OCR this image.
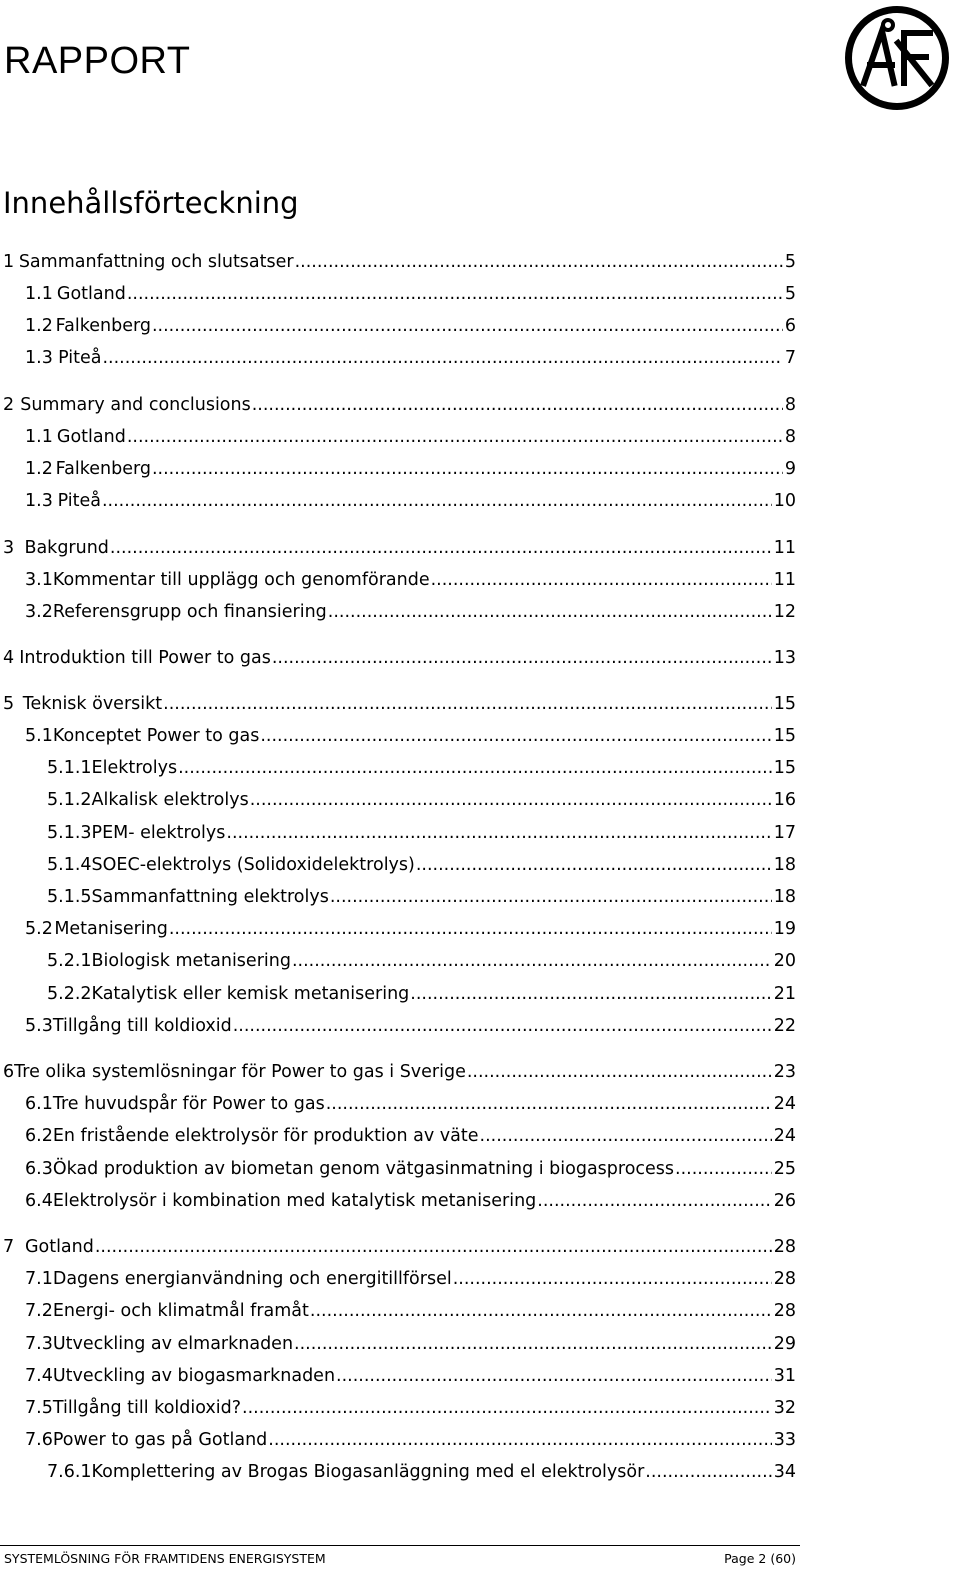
RAPPORT
Innehållsförteckning
1 Sammanfattning och slutsatser .....	5
1.1 Gotland .....	5
1.2 Falkenberg .....	6
1.3 Piteå .....	7
2 Summary and conclusions .....	8
1.1 Gotland .....	8
1.2 Falkenberg .....	9
1.3 Piteå .....	10
3 Bakgrund .....	11
3.1 Kommentar till upplägg och genomförande .....	11
3.2 Referensgrupp och finansiering .....	12
4 Introduktion till Power to gas .....	13
5 Teknisk översikt .....	15
5.1 Konceptet Power to gas .....	15
5.1.1 Elektrolys .....	15
5.1.2 Alkalisk elektrolys .....	16
5.1.3 PEM- elektrolys .....	17
5.1.4 SOEC-elektrolys (Solidoxidelektrolys) .....	18
5.1.5 Sammanfattning elektrolys .....	18
5.2 Metanisering .....	19
5.2.1 Biologisk metanisering .....	20
5.2.2 Katalytisk eller kemisk metanisering .....	21
5.3 Tillgång till koldioxid .....	22
6 Tre olika systemlösningar för Power to gas i Sverige .....	23
6.1 Tre huvudspår för Power to gas .....	24
6.2 En fristående elektrolysör för produktion av väte .....	24
6.3 Ökad produktion av biometan genom vätgasinmatning i biogasprocess .....	25
6.4 Elektrolysör i kombination med katalytisk metanisering .....	26
7 Gotland .....	28
7.1 Dagens energianvändning och energitillförsel .....	28
7.2 Energi- och klimatmål framåt .....	28
7.3 Utveckling av elmarknaden .....	29
7.4 Utveckling av biogasmarknaden .....	31
7.5 Tillgång till koldioxid? .....	32
7.6 Power to gas på Gotland .....	33
7.6.1 Komplettering av Brogas Biogasanläggning med el elektrolysör .....	34
SYSTEMLÖSNING FÖR FRAMTIDENS ENERGISYSTEM	Page 2 (60)
